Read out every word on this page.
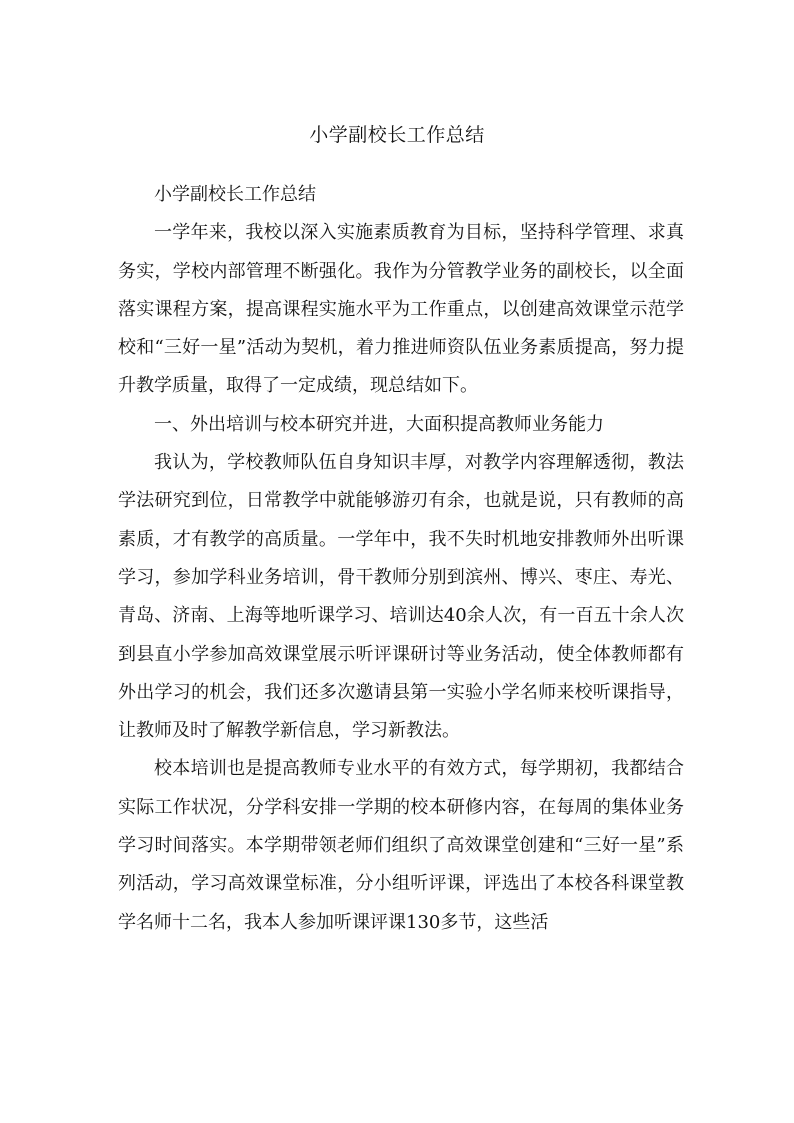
小学副校长工作总结

小学副校长工作总结

一学年来，我校以深入实施素质教育为目标，坚持科学管理、求真务实，学校内部管理不断强化。我作为分管教学业务的副校长，以全面落实课程方案，提高课程实施水平为工作重点，以创建高效课堂示范学校和“三好一星”活动为契机，着力推进师资队伍业务素质提高，努力提升教学质量，取得了一定成绩，现总结如下。

一、外出培训与校本研究并进，大面积提高教师业务能力

我认为，学校教师队伍自身知识丰厚，对教学内容理解透彻，教法学法研究到位，日常教学中就能够游刃有余，也就是说，只有教师的高素质，才有教学的高质量。一学年中，我不失时机地安排教师外出听课学习，参加学科业务培训，骨干教师分别到滨州、博兴、枣庄、寿光、青岛、济南、上海等地听课学习、培训达40余人次，有一百五十余人次到县直小学参加高效课堂展示听评课研讨等业务活动，使全体教师都有外出学习的机会，我们还多次邀请县第一实验小学名师来校听课指导，让教师及时了解教学新信息，学习新教法。

校本培训也是提高教师专业水平的有效方式，每学期初，我都结合实际工作状况，分学科安排一学期的校本研修内容，在每周的集体业务学习时间落实。本学期带领老师们组织了高效课堂创建和“三好一星”系列活动，学习高效课堂标准，分小组听评课，评选出了本校各科课堂教学名师十二名，我本人参加听课评课130多节，这些活
